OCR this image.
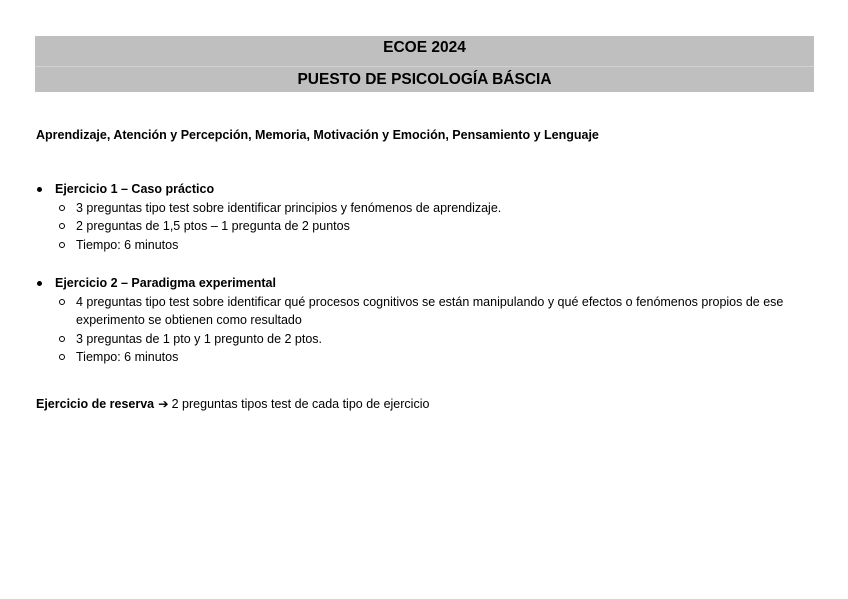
ECOE 2024
PUESTO DE PSICOLOGÍA BÁSCIA
Aprendizaje, Atención y Percepción, Memoria, Motivación y Emoción, Pensamiento y Lenguaje
Ejercicio 1 – Caso práctico
3 preguntas tipo test sobre identificar principios y fenómenos de aprendizaje.
2 preguntas de 1,5 ptos – 1 pregunta de 2 puntos
Tiempo: 6 minutos
Ejercicio 2 – Paradigma experimental
4 preguntas tipo test sobre identificar qué procesos cognitivos se están manipulando y qué efectos o fenómenos propios de ese experimento se obtienen como resultado
3 preguntas de 1 pto y 1 pregunto de 2 ptos.
Tiempo: 6 minutos
Ejercicio de reserva ➔ 2 preguntas tipos test de cada tipo de ejercicio
